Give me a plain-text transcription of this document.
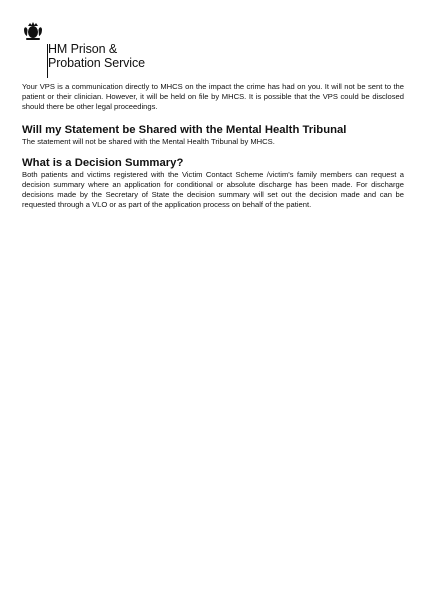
HM Prison &
Probation Service

Your VPS is a communication directly to MHCS on the impact the crime has had on you. It will not be sent to the patient or their clinician. However, it will be held on file by MHCS. It is possible that the VPS could be disclosed should there be other legal proceedings.

Will my Statement be Shared with the Mental Health Tribunal

The statement will not be shared with the Mental Health Tribunal by MHCS.

What is a Decision Summary?

Both patients and victims registered with the Victim Contact Scheme /victim's family members can request a decision summary where an application for conditional or absolute discharge has been made. For discharge decisions made by the Secretary of State the decision summary will set out the decision made and can be requested through a VLO or as part of the application process on behalf of the patient.
